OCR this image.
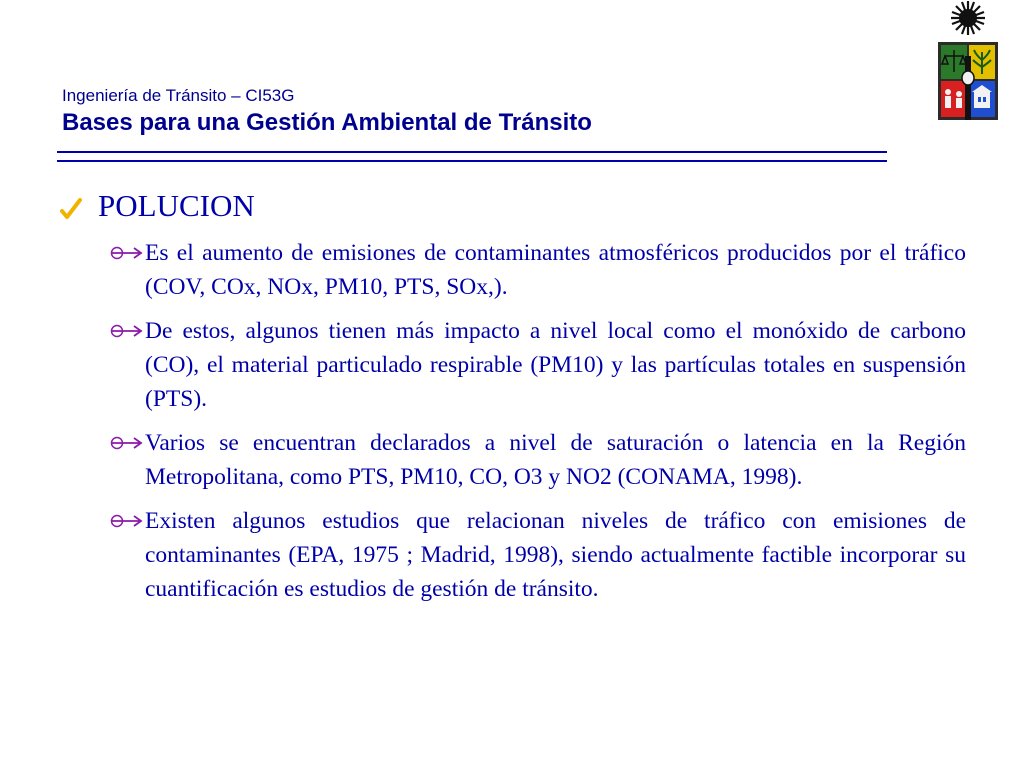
Ingeniería de Tránsito – CI53G
Bases para una Gestión Ambiental de Tránsito
POLUCION
Es el aumento de emisiones de contaminantes atmosféricos producidos por el tráfico (COV, COx, NOx, PM10, PTS, SOx,).
De estos, algunos tienen más impacto a nivel local como el monóxido de carbono (CO), el material particulado respirable (PM10) y las partículas totales en suspensión (PTS).
Varios se encuentran declarados a nivel de saturación o latencia en la Región Metropolitana, como PTS, PM10, CO, O3 y NO2 (CONAMA, 1998).
Existen algunos estudios que relacionan niveles de tráfico con emisiones de contaminantes (EPA, 1975 ; Madrid, 1998), siendo actualmente factible incorporar su cuantificación es estudios de gestión de tránsito.
